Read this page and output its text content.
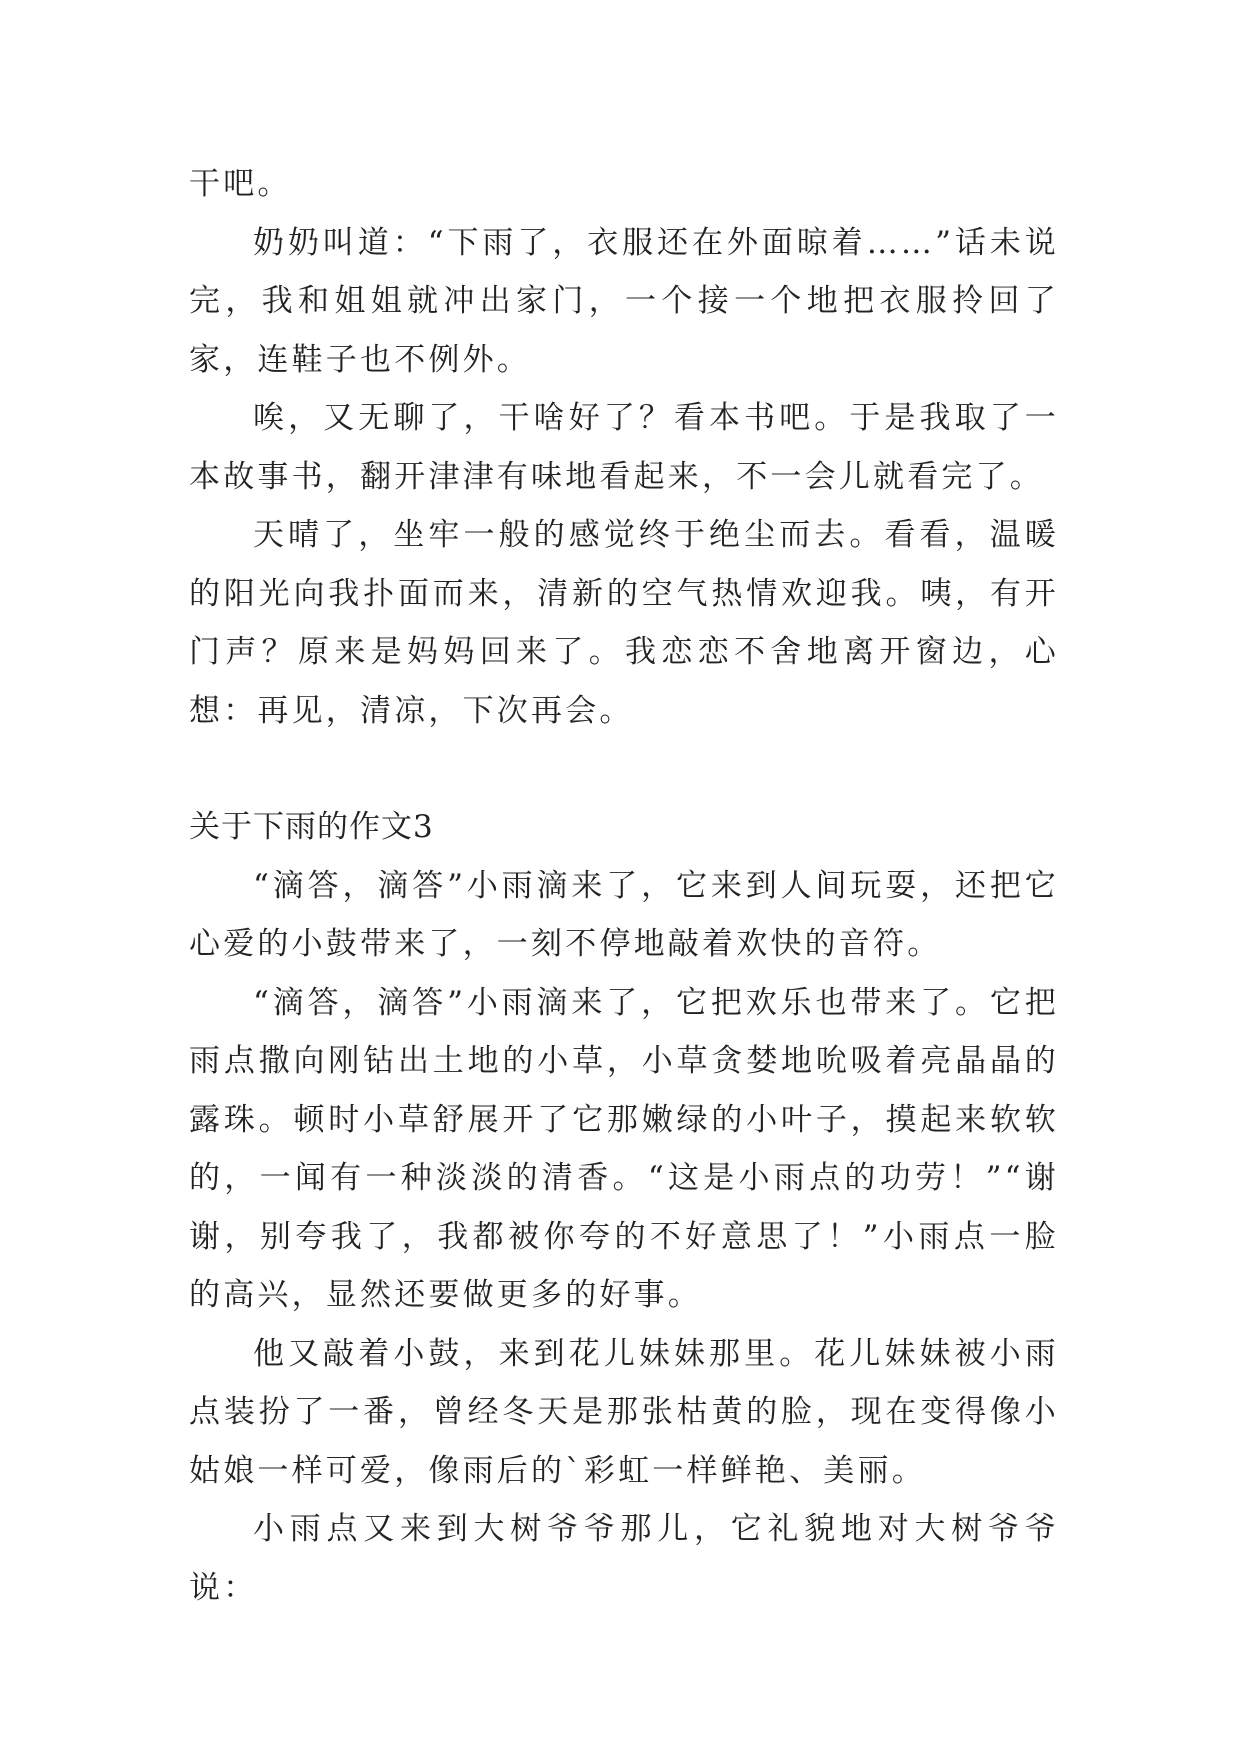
干吧。

奶奶叫道：“下雨了，衣服还在外面晾着……”话未说完，我和姐姐就冲出家门，一个接一个地把衣服拎回了家，连鞋子也不例外。

唉，又无聊了，干啥好了？看本书吧。于是我取了一本故事书，翻开津津有味地看起来，不一会儿就看完了。

天晴了，坐牢一般的感觉终于绝尘而去。看看，温暖的阳光向我扑面而来，清新的空气热情欢迎我。咦，有开门声？原来是妈妈回来了。我恋恋不舍地离开窗边，心想：再见，清凉，下次再会。

关于下雨的作文3

“滴答，滴答”小雨滴来了，它来到人间玩耍，还把它心爱的小鼓带来了，一刻不停地敲着欢快的音符。

“滴答，滴答”小雨滴来了，它把欢乐也带来了。它把雨点撒向刚钻出土地的小草，小草贪婪地吮吸着亮晶晶的露珠。顿时小草舒展开了它那嫩绿的小叶子，摸起来软软的，一闻有一种淡淡的清香。“这是小雨点的功劳！”“谢谢，别夸我了，我都被你夸的不好意思了！”小雨点一脸的高兴，显然还要做更多的好事。

他又敲着小鼓，来到花儿妹妹那里。花儿妹妹被小雨点装扮了一番，曾经冬天是那张枯黄的脸，现在变得像小姑娘一样可爱，像雨后的`彩虹一样鲜艳、美丽。

小雨点又来到大树爷爷那儿，它礼貌地对大树爷爷说：
